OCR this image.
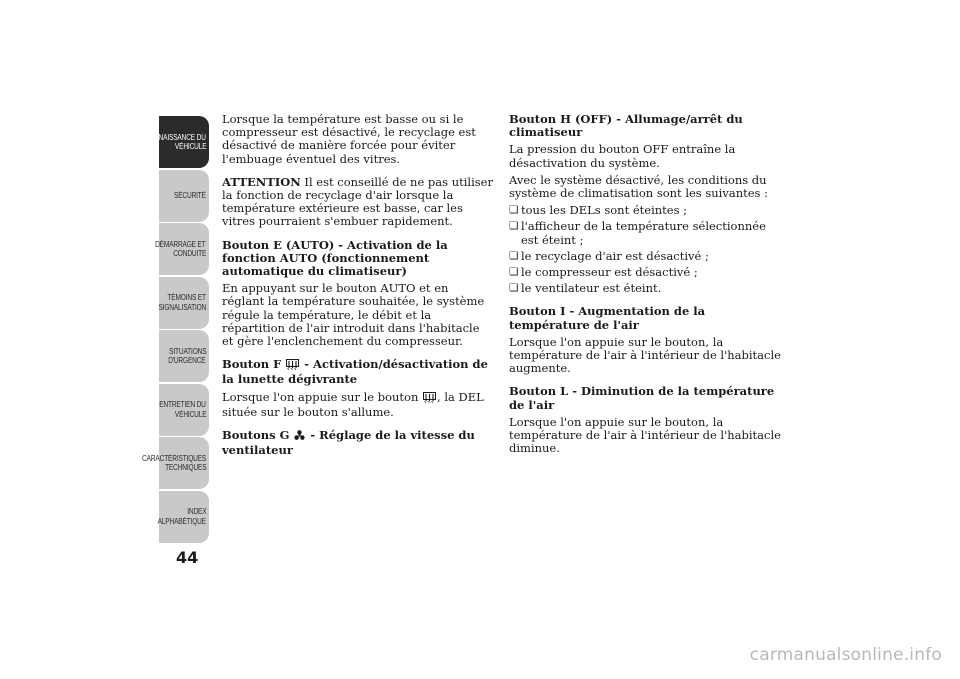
CONNAISSANCE DU
VÉHICULE
SÉCURITÉ
DÉMARRAGE ET
CONDUITE
TÉMOINS ET
SIGNALISATION
SITUATIONS
D'URGENCE
ENTRETIEN DU
VÉHICULE
CARACTÉRISTIQUES
TECHNIQUES
INDEX
ALPHABÉTIQUE
44

Lorsque la température est basse ou si le compresseur est désactivé, le recyclage est désactivé de manière forcée pour éviter l'embuage éventuel des vitres.

ATTENTION Il est conseillé de ne pas utiliser la fonction de recyclage d'air lorsque la température extérieure est basse, car les vitres pourraient s'embuer rapidement.

Bouton E (AUTO) - Activation de la fonction AUTO (fonctionnement automatique du climatiseur)

En appuyant sur le bouton AUTO et en réglant la température souhaitée, le système régule la température, le débit et la répartition de l'air introduit dans l'habitacle et gère l'enclenchement du compresseur.

Bouton F  - Activation/désactivation de la lunette dégivrante

Lorsque l'on appuie sur le bouton , la DEL située sur le bouton s'allume.

Boutons G  - Réglage de la vitesse du ventilateur
Bouton H (OFF) - Allumage/arrêt du climatiseur

La pression du bouton OFF entraîne la désactivation du système.

Avec le système désactivé, les conditions du système de climatisation sont les suivantes :

❏ tous les DELs sont éteintes ;
❏ l'afficheur de la température sélectionnée est éteint ;
❏ le recyclage d'air est désactivé ;
❏ le compresseur est désactivé ;
❏ le ventilateur est éteint.
Bouton I - Augmentation de la température de l'air

Lorsque l'on appuie sur le bouton, la température de l'air à l'intérieur de l'habitacle augmente.

Bouton L - Diminution de la température de l'air

Lorsque l'on appuie sur le bouton, la température de l'air à l'intérieur de l'habitacle diminue.

carmanualsonline.info
